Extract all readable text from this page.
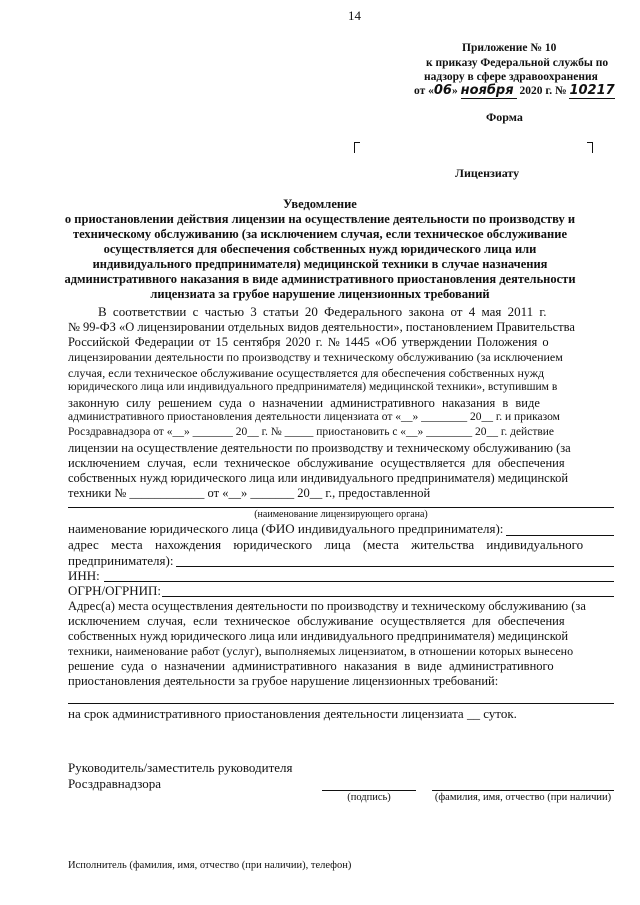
14
Приложение № 10
к приказу Федеральной службы по
надзору в сфере здравоохранения
от «06» ноября 2020 г. № 10217
Форма
Лицензиату
Уведомление
о приостановлении действия лицензии на осуществление деятельности по производству и
техническому обслуживанию (за исключением случая, если техническое обслуживание
осуществляется для обеспечения собственных нужд юридического лица или
индивидуального предпринимателя) медицинской техники в случае назначения
административного наказания в виде административного приостановления деятельности
лицензиата за грубое нарушение лицензионных требований
В соответствии с частью 3 статьи 20 Федерального закона от 4 мая 2011 г.
№ 99-ФЗ «О лицензировании отдельных видов деятельности», постановлением Правительства
Российской Федерации от 15 сентября 2020 г. № 1445 «Об утверждении Положения о
лицензировании деятельности по производству и техническому обслуживанию (за исключением
случая, если техническое обслуживание осуществляется для обеспечения собственных нужд
юридического лица или индивидуального предпринимателя) медицинской техники», вступившим в
законную силу решением суда о назначении административного наказания в виде
административного приостановления деятельности лицензиата от «__» ________ 20__ г. и приказом
Росздравнадзора от «__» _______ 20__ г. № _____ приостановить с «__» ________ 20__ г. действие
лицензии на осуществление деятельности по производству и техническому обслуживанию (за
исключением случая, если техническое обслуживание осуществляется для обеспечения
собственных нужд юридического лица или индивидуального предпринимателя) медицинской
техники № ____________ от «__» _______ 20__ г., предоставленной
(наименование лицензирующего органа)
наименование юридического лица (ФИО индивидуального предпринимателя):
адрес места нахождения юридического лица (места жительства индивидуального
предпринимателя):
ИНН:
ОГРН/ОГРНИП:
Адрес(а) места осуществления деятельности по производству и техническому обслуживанию (за
исключением случая, если техническое обслуживание осуществляется для обеспечения
собственных нужд юридического лица или индивидуального предпринимателя) медицинской
техники, наименование работ (услуг), выполняемых лицензиатом, в отношении которых вынесено
решение суда о назначении административного наказания в виде административного
приостановления деятельности за грубое нарушение лицензионных требований:
на срок административного приостановления деятельности лицензиата __ суток.
Руководитель/заместитель руководителя
Росздравнадзора
(подпись)	(фамилия, имя, отчество (при наличии)
Исполнитель (фамилия, имя, отчество (при наличии), телефон)
